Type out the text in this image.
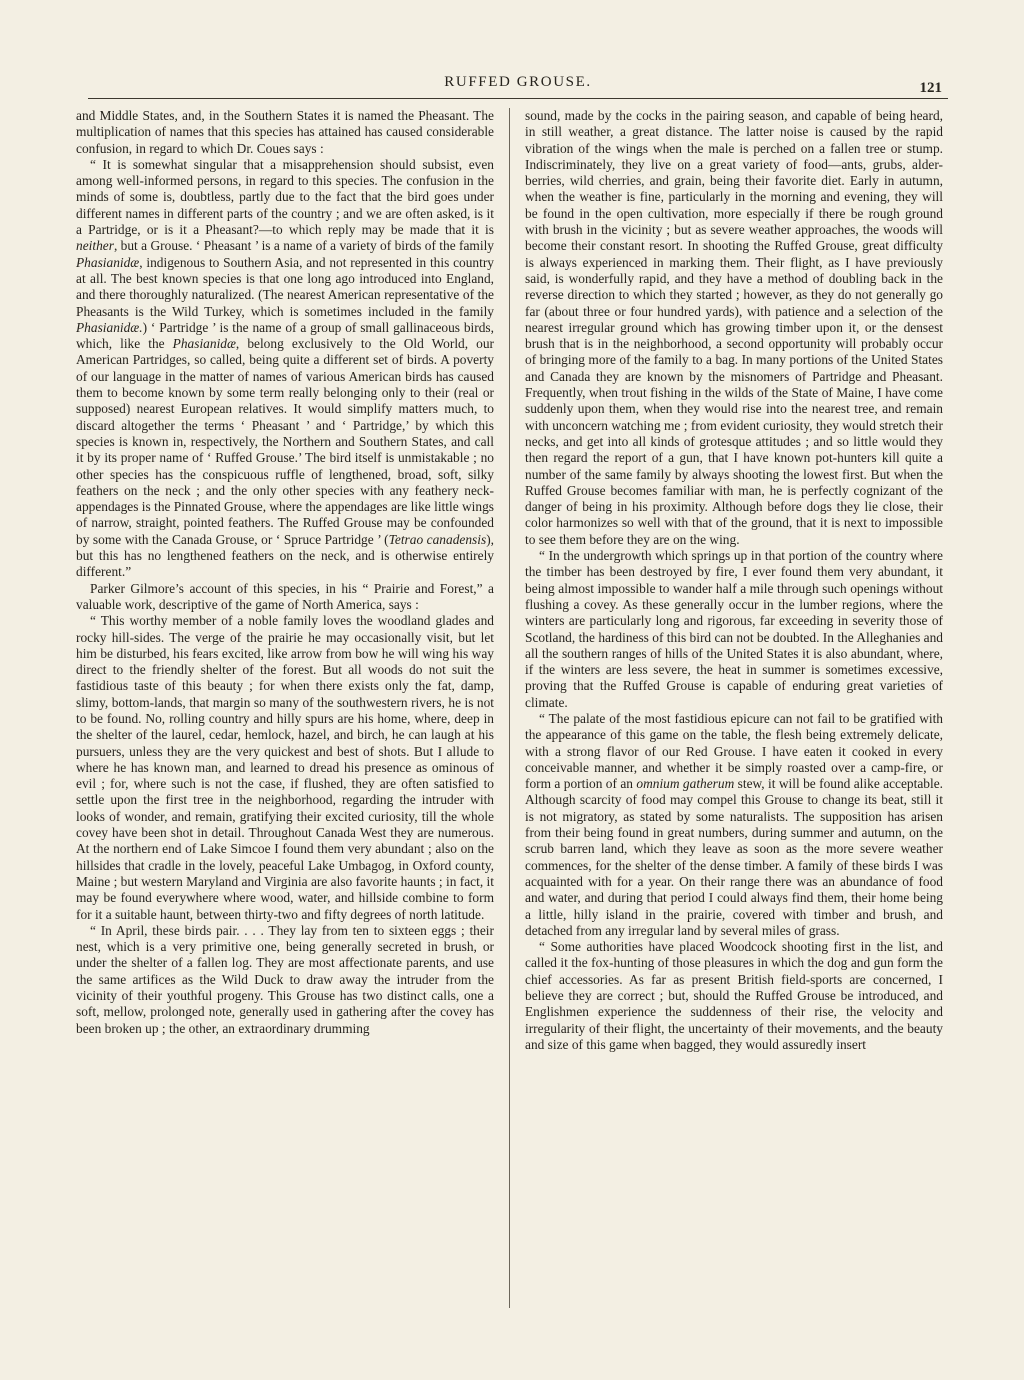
RUFFED GROUSE.	121

and Middle States, and, in the Southern States it is named the Pheasant. The multiplication of names that this species has attained has caused considerable confusion, in regard to which Dr. Coues says :

“ It is somewhat singular that a misapprehension should subsist, even among well-informed persons, in regard to this species. The confusion in the minds of some is, doubtless, partly due to the fact that the bird goes under different names in different parts of the country ; and we are often asked, is it a Partridge, or is it a Pheasant?—to which reply may be made that it is neither, but a Grouse. ‘ Pheasant ’ is a name of a variety of birds of the family Phasianidæ, indigenous to Southern Asia, and not represented in this country at all. The best known species is that one long ago introduced into England, and there thoroughly naturalized. (The nearest American representative of the Pheasants is the Wild Turkey, which is sometimes included in the family Phasianidæ.) ‘ Partridge ’ is the name of a group of small gallinaceous birds, which, like the Phasianidæ, belong exclusively to the Old World, our American Partridges, so called, being quite a different set of birds. A poverty of our language in the matter of names of various American birds has caused them to become known by some term really belonging only to their (real or supposed) nearest European relatives. It would simplify matters much, to discard altogether the terms ‘ Pheasant ’ and ‘ Partridge,’ by which this species is known in, respectively, the Northern and Southern States, and call it by its proper name of ‘ Ruffed Grouse.’ The bird itself is unmistakable ; no other species has the conspicuous ruffle of lengthened, broad, soft, silky feathers on the neck ; and the only other species with any feathery neck-appendages is the Pinnated Grouse, where the appendages are like little wings of narrow, straight, pointed feathers. The Ruffed Grouse may be confounded by some with the Canada Grouse, or ‘ Spruce Partridge ’ (Tetrao canadensis), but this has no lengthened feathers on the neck, and is otherwise entirely different.”

Parker Gilmore’s account of this species, in his “ Prairie and Forest,” a valuable work, descriptive of the game of North America, says :

“ This worthy member of a noble family loves the woodland glades and rocky hill-sides. The verge of the prairie he may occasionally visit, but let him be disturbed, his fears excited, like arrow from bow he will wing his way direct to the friendly shelter of the forest. But all woods do not suit the fastidious taste of this beauty ; for when there exists only the fat, damp, slimy, bottom-lands, that margin so many of the southwestern rivers, he is not to be found. No, rolling country and hilly spurs are his home, where, deep in the shelter of the laurel, cedar, hemlock, hazel, and birch, he can laugh at his pursuers, unless they are the very quickest and best of shots. But I allude to where he has known man, and learned to dread his presence as ominous of evil ; for, where such is not the case, if flushed, they are often satisfied to settle upon the first tree in the neighborhood, regarding the intruder with looks of wonder, and remain, gratifying their excited curiosity, till the whole covey have been shot in detail. Throughout Canada West they are numerous. At the northern end of Lake Simcoe I found them very abundant ; also on the hillsides that cradle in the lovely, peaceful Lake Umbagog, in Oxford county, Maine ; but western Maryland and Virginia are also favorite haunts ; in fact, it may be found everywhere where wood, water, and hillside combine to form for it a suitable haunt, between thirty-two and fifty degrees of north latitude.

“ In April, these birds pair. . . . They lay from ten to sixteen eggs ; their nest, which is a very primitive one, being generally secreted in brush, or under the shelter of a fallen log. They are most affectionate parents, and use the same artifices as the Wild Duck to draw away the intruder from the vicinity of their youthful progeny. This Grouse has two distinct calls, one a soft, mellow, prolonged note, generally used in gathering after the covey has been broken up ; the other, an extraordinary drumming

sound, made by the cocks in the pairing season, and capable of being heard, in still weather, a great distance. The latter noise is caused by the rapid vibration of the wings when the male is perched on a fallen tree or stump. Indiscriminately, they live on a great variety of food—ants, grubs, alder-berries, wild cherries, and grain, being their favorite diet. Early in autumn, when the weather is fine, particularly in the morning and evening, they will be found in the open cultivation, more especially if there be rough ground with brush in the vicinity ; but as severe weather approaches, the woods will become their constant resort. In shooting the Ruffed Grouse, great difficulty is always experienced in marking them. Their flight, as I have previously said, is wonderfully rapid, and they have a method of doubling back in the reverse direction to which they started ; however, as they do not generally go far (about three or four hundred yards), with patience and a selection of the nearest irregular ground which has growing timber upon it, or the densest brush that is in the neighborhood, a second opportunity will probably occur of bringing more of the family to a bag. In many portions of the United States and Canada they are known by the misnomers of Partridge and Pheasant. Frequently, when trout fishing in the wilds of the State of Maine, I have come suddenly upon them, when they would rise into the nearest tree, and remain with unconcern watching me ; from evident curiosity, they would stretch their necks, and get into all kinds of grotesque attitudes ; and so little would they then regard the report of a gun, that I have known pot-hunters kill quite a number of the same family by always shooting the lowest first. But when the Ruffed Grouse becomes familiar with man, he is perfectly cognizant of the danger of being in his proximity. Although before dogs they lie close, their color harmonizes so well with that of the ground, that it is next to impossible to see them before they are on the wing.

“ In the undergrowth which springs up in that portion of the country where the timber has been destroyed by fire, I ever found them very abundant, it being almost impossible to wander half a mile through such openings without flushing a covey. As these generally occur in the lumber regions, where the winters are particularly long and rigorous, far exceeding in severity those of Scotland, the hardiness of this bird can not be doubted. In the Alleghanies and all the southern ranges of hills of the United States it is also abundant, where, if the winters are less severe, the heat in summer is sometimes excessive, proving that the Ruffed Grouse is capable of enduring great varieties of climate.

“ The palate of the most fastidious epicure can not fail to be gratified with the appearance of this game on the table, the flesh being extremely delicate, with a strong flavor of our Red Grouse. I have eaten it cooked in every conceivable manner, and whether it be simply roasted over a camp-fire, or form a portion of an omnium gatherum stew, it will be found alike acceptable. Although scarcity of food may compel this Grouse to change its beat, still it is not migratory, as stated by some naturalists. The supposition has arisen from their being found in great numbers, during summer and autumn, on the scrub barren land, which they leave as soon as the more severe weather commences, for the shelter of the dense timber. A family of these birds I was acquainted with for a year. On their range there was an abundance of food and water, and during that period I could always find them, their home being a little, hilly island in the prairie, covered with timber and brush, and detached from any irregular land by several miles of grass.

“ Some authorities have placed Woodcock shooting first in the list, and called it the fox-hunting of those pleasures in which the dog and gun form the chief accessories. As far as present British field-sports are concerned, I believe they are correct ; but, should the Ruffed Grouse be introduced, and Englishmen experience the suddenness of their rise, the velocity and irregularity of their flight, the uncertainty of their movements, and the beauty and size of this game when bagged, they would assuredly insert
